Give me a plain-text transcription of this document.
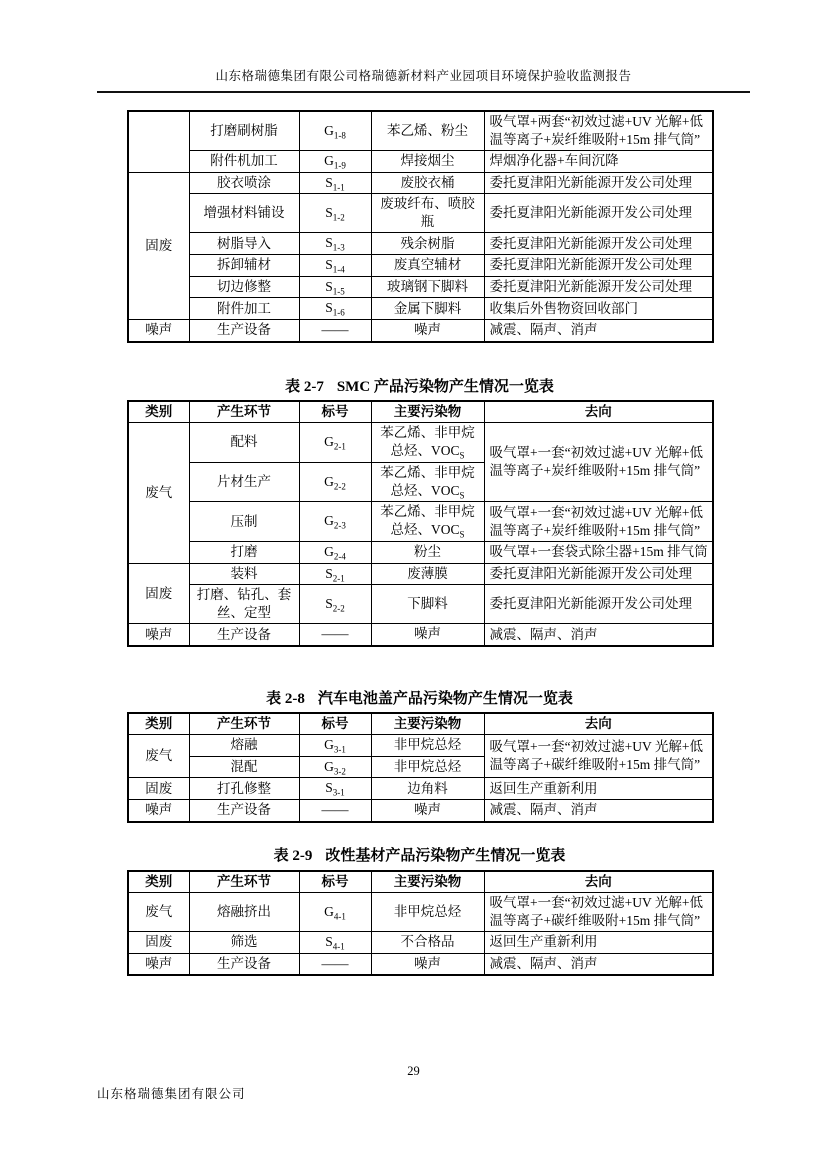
山东格瑞德集团有限公司格瑞德新材料产业园项目环境保护验收监测报告
	打磨刷树脂	$G_{1-8}$	苯乙烯、粉尘	吸气罩+两套“初效过滤+UV 光解+低温等离子+炭纤维吸附+15m 排气筒”
	附件机加工	$G_{1-9}$	焊接烟尘	焊烟净化器+车间沉降
固废	胶衣喷涂	$S_{1-1}$	废胶衣桶	委托夏津阳光新能源开发公司处理
	增强材料铺设	$S_{1-2}$	废玻纤布、喷胶瓶	委托夏津阳光新能源开发公司处理
	树脂导入	$S_{1-3}$	残余树脂	委托夏津阳光新能源开发公司处理
	拆卸辅材	$S_{1-4}$	废真空辅材	委托夏津阳光新能源开发公司处理
	切边修整	$S_{1-5}$	玻璃钢下脚料	委托夏津阳光新能源开发公司处理
	附件加工	$S_{1-6}$	金属下脚料	收集后外售物资回收部门
噪声	生产设备	——	噪声	减震、隔声、消声
表 2-7 SMC 产品污染物产生情况一览表
类别	产生环节	标号	主要污染物	去向
废气	配料	$G_{2-1}$	苯乙烯、非甲烷总烃、$VOC_S$	吸气罩+一套“初效过滤+UV 光解+低温等离子+炭纤维吸附+15m 排气筒”
	片材生产	$G_{2-2}$	苯乙烯、非甲烷总烃、$VOC_S$
	压制	$G_{2-3}$	苯乙烯、非甲烷总烃、$VOC_S$	吸气罩+一套“初效过滤+UV 光解+低温等离子+炭纤维吸附+15m 排气筒”
	打磨	$G_{2-4}$	粉尘	吸气罩+一套袋式除尘器+15m 排气筒
固废	装料	$S_{2-1}$	废薄膜	委托夏津阳光新能源开发公司处理
	打磨、钻孔、套丝、定型	$S_{2-2}$	下脚料	委托夏津阳光新能源开发公司处理
噪声	生产设备	——	噪声	减震、隔声、消声
表 2-8 汽车电池盖产品污染物产生情况一览表
类别	产生环节	标号	主要污染物	去向
废气	熔融	$G_{3-1}$	非甲烷总烃	吸气罩+一套“初效过滤+UV 光解+低温等离子+碳纤维吸附+15m 排气筒”
	混配	$G_{3-2}$	非甲烷总烃	
固废	打孔修整	$S_{3-1}$	边角料	返回生产重新利用
噪声	生产设备	——	噪声	减震、隔声、消声
表 2-9 改性基材产品污染物产生情况一览表
类别	产生环节	标号	主要污染物	去向
废气	熔融挤出	$G_{4-1}$	非甲烷总烃	吸气罩+一套“初效过滤+UV 光解+低温等离子+碳纤维吸附+15m 排气筒”
固废	筛选	$S_{4-1}$	不合格品	返回生产重新利用
噪声	生产设备	——	噪声	减震、隔声、消声
29
山东格瑞德集团有限公司
